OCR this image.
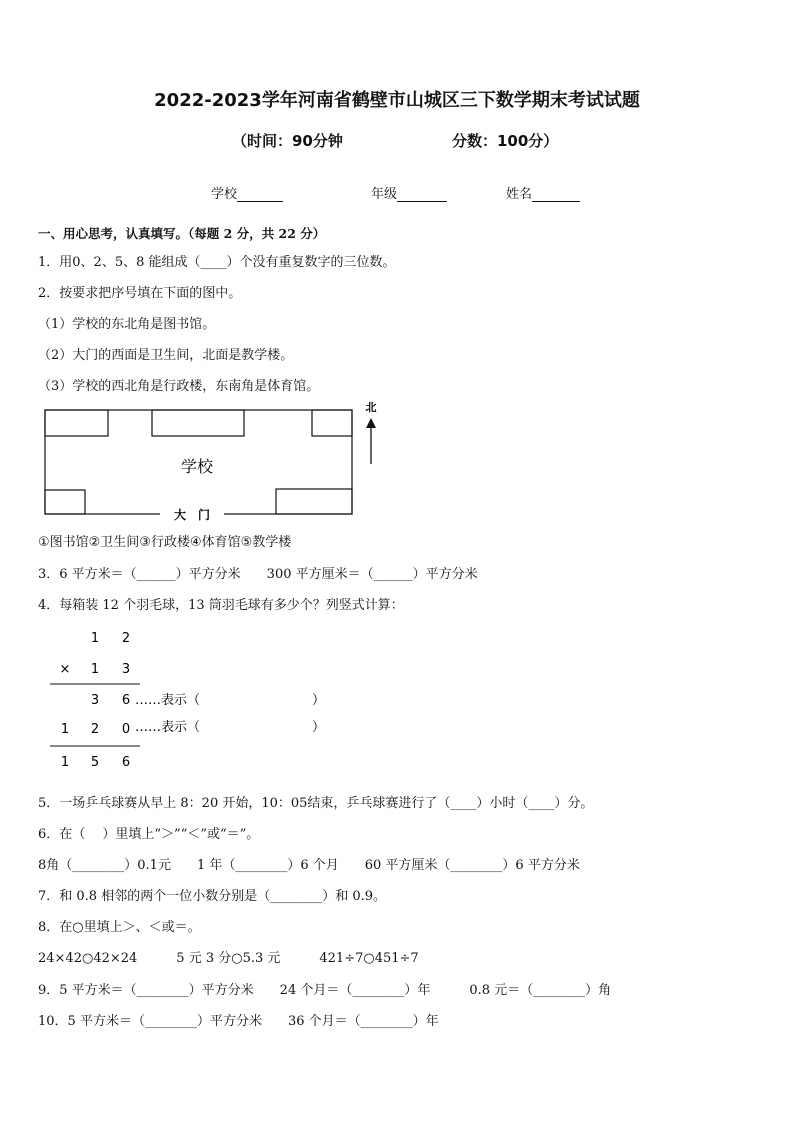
2022-2023学年河南省鹤壁市山城区三下数学期末考试试题
（时间：90分钟	分数：100分）
学校	年级	姓名
一、用心思考，认真填写。（每题 2 分，共 22 分）
1．用0、2、5、8 能组成（____）个没有重复数字的三位数。
2．按要求把序号填在下面的图中。
（1）学校的东北角是图书馆。
（2）大门的西面是卫生间，北面是教学楼。
（3）学校的西北角是行政楼，东南角是体育馆。
学校
大　门
北
①图书馆②卫生间③行政楼④体育馆⑤教学楼
3．6 平方米＝（______）平方分米　　300 平方厘米＝（______）平方分米
4．每箱装 12 个羽毛球，13 筒羽毛球有多少个？列竖式计算：
1 2
× 1 3
3 6 ……表示（	）
1 2 0 ……表示（	）
1 5 6
5．一场乒乓球赛从早上 8：20 开始，10：05结束，乒乓球赛进行了（____）小时（____）分。
6．在（　 ）里填上“＞”“＜”或“＝”。
8角（________）0.1元　　1 年（________）6 个月　　60 平方厘米（________）6 平方分米
7．和 0.8 相邻的两个一位小数分别是（________）和 0.9。
8．在○里填上＞、＜或＝。
24×42○42×24　　　5 元 3 分○5.3 元　　　421÷7○451÷7
9．5 平方米＝（________）平方分米　　24 个月＝（________）年　　　0.8 元＝（________）角
10．5 平方米＝（________）平方分米　　36 个月＝（________）年
